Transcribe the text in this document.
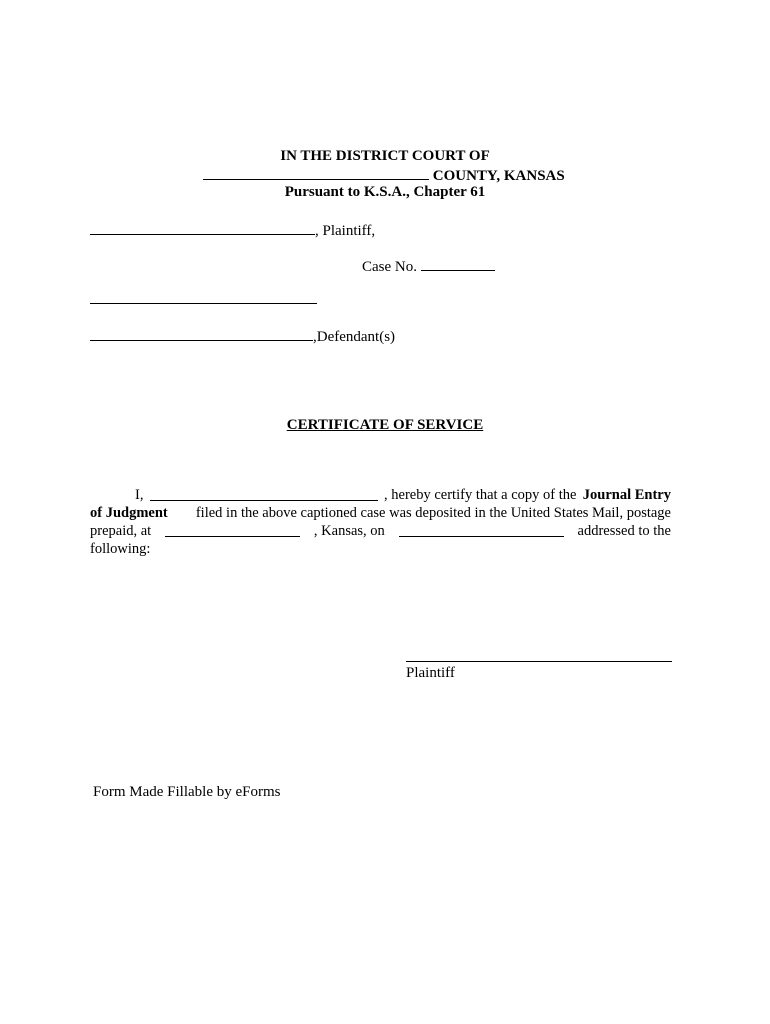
IN THE DISTRICT COURT OF
COUNTY, KANSAS
Pursuant to K.S.A., Chapter 61
, Plaintiff,
Case No.
,Defendant(s)
CERTIFICATE OF SERVICE
I,	, hereby certify that a copy of the Journal Entry
of Judgment filed in the above captioned case was deposited in the United States Mail, postage
prepaid, at	, Kansas, on	addressed to the
following:
Plaintiff
Form Made Fillable by eForms
